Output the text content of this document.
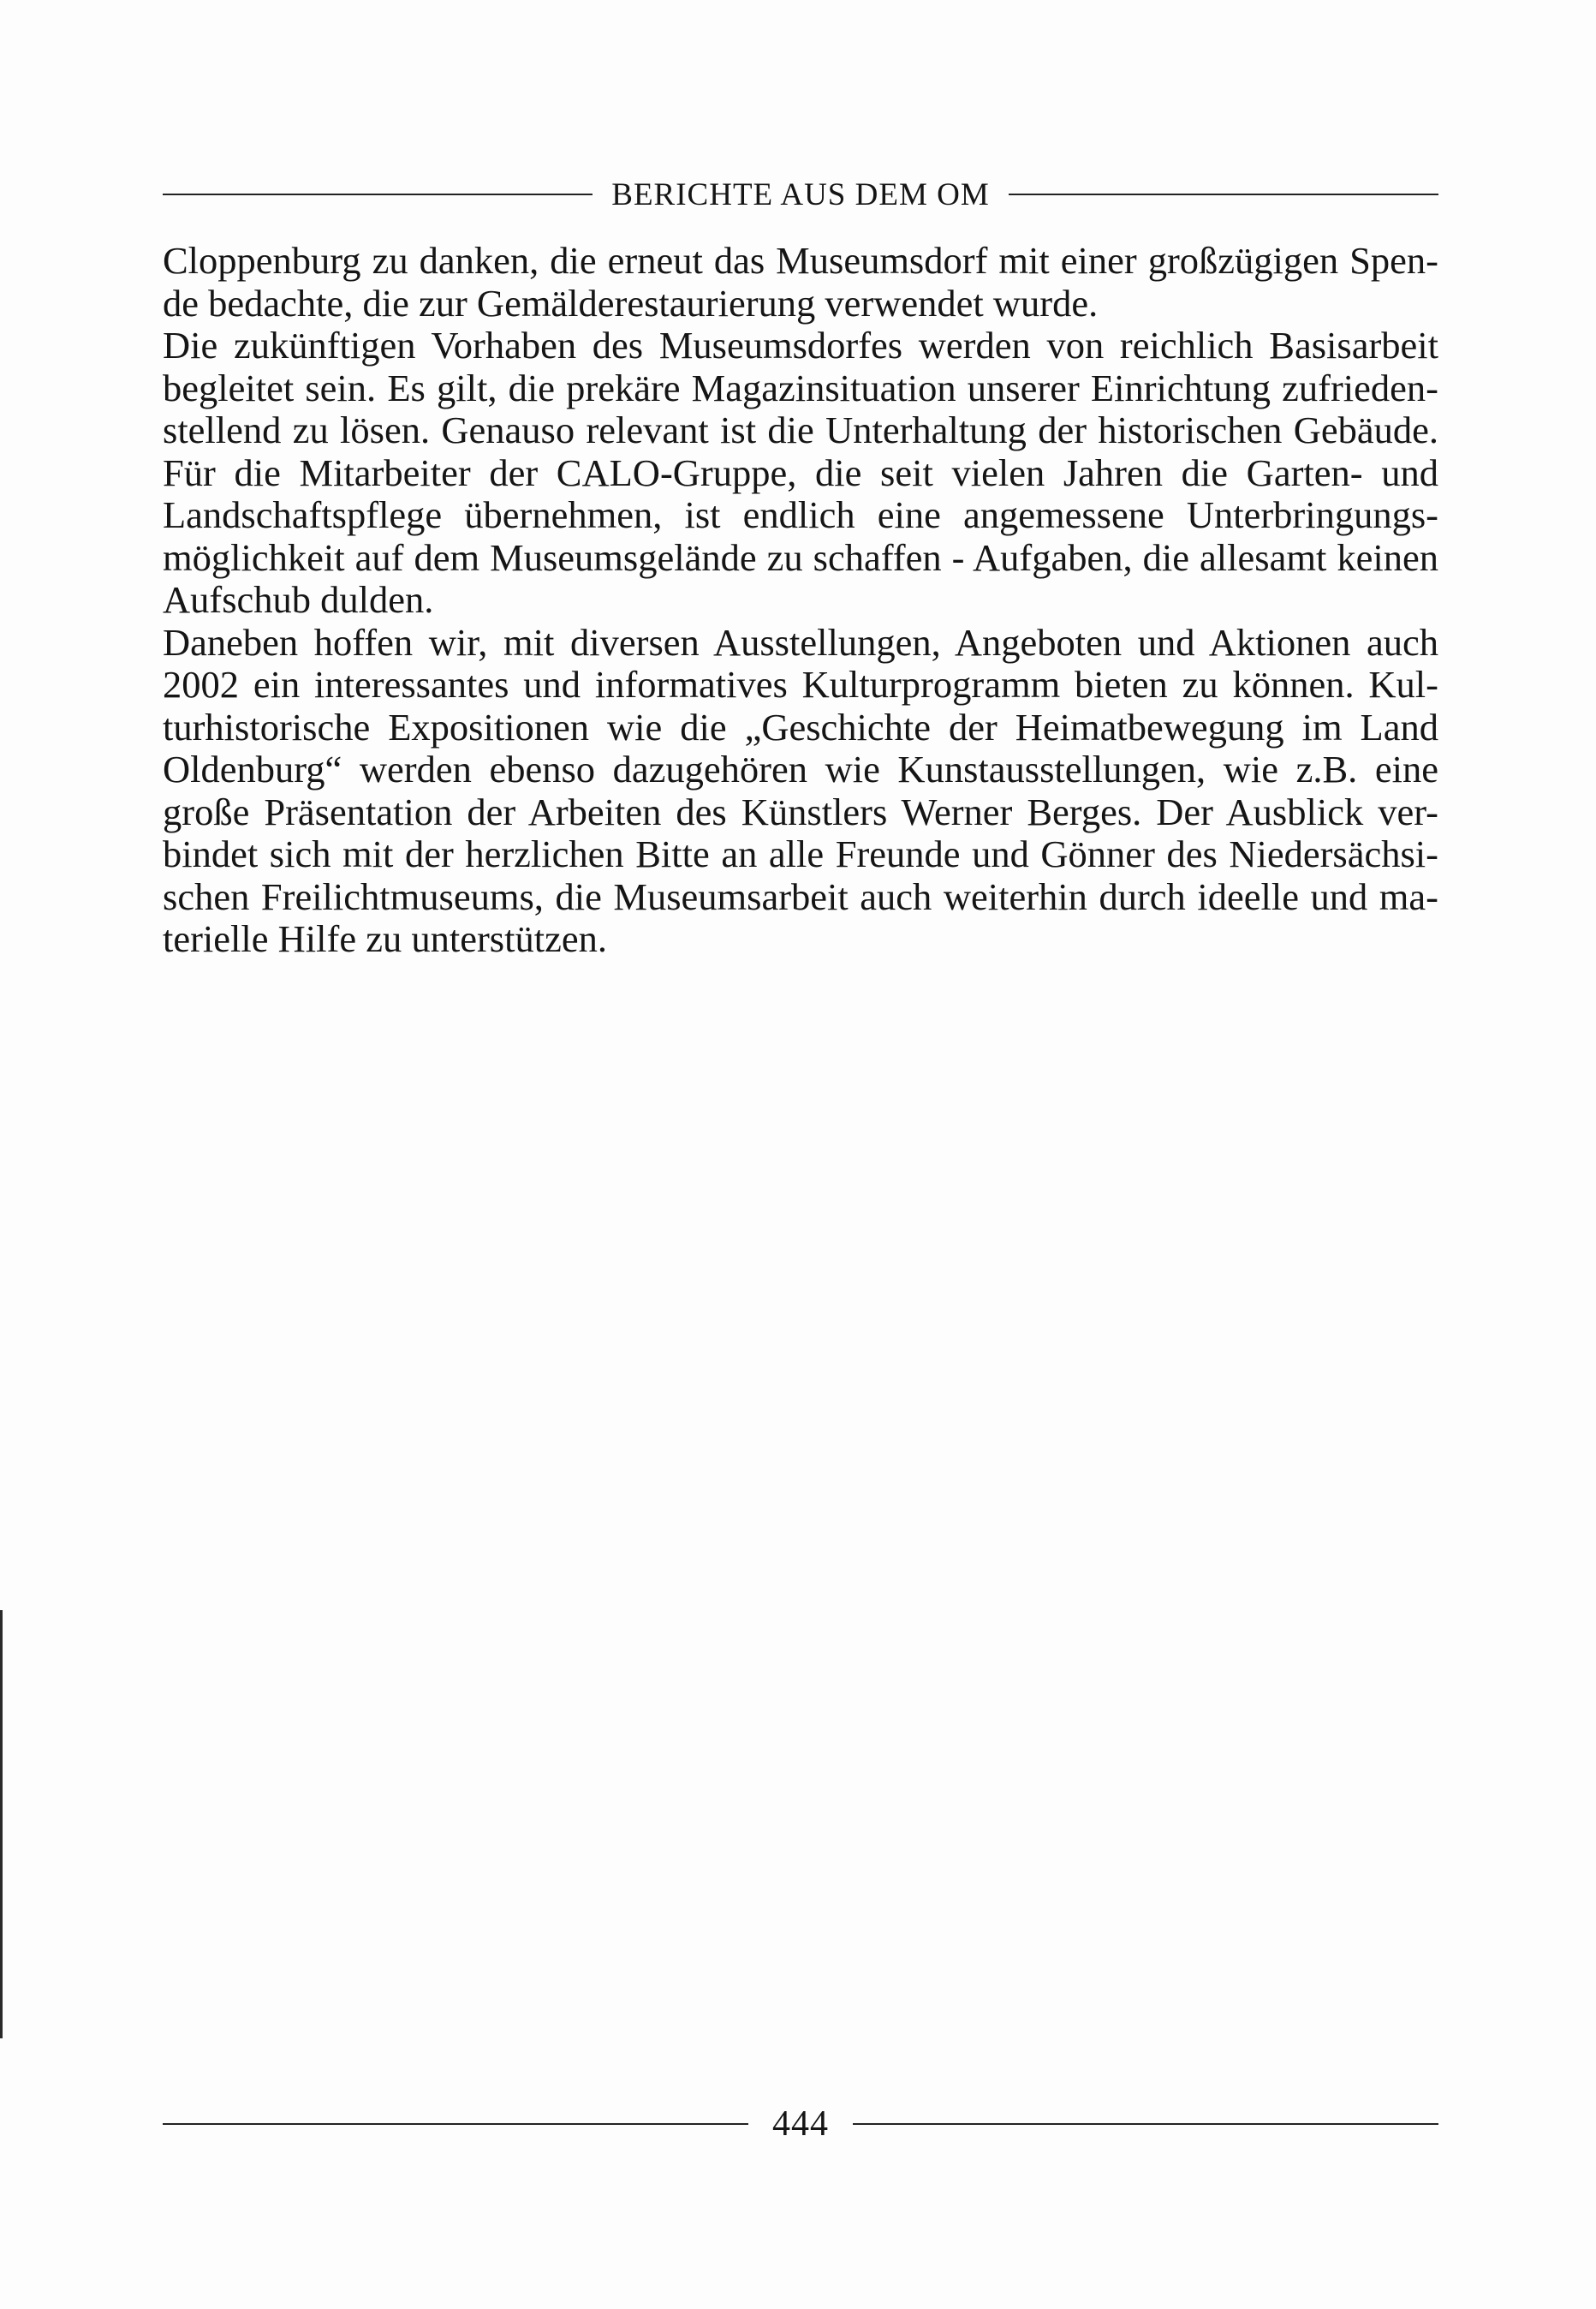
BERICHTE AUS DEM OM
Cloppenburg zu danken, die erneut das Museumsdorf mit einer großzügigen Spen-
de bedachte, die zur Gemälderestaurierung verwendet wurde.
Die zukünftigen Vorhaben des Museumsdorfes werden von reichlich Basisarbeit
begleitet sein. Es gilt, die prekäre Magazinsituation unserer Einrichtung zufrieden-
stellend zu lösen. Genauso relevant ist die Unterhaltung der historischen Gebäude.
Für die Mitarbeiter der CALO-Gruppe, die seit vielen Jahren die Garten- und
Landschaftspflege übernehmen, ist endlich eine angemessene Unterbringungs-
möglichkeit auf dem Museumsgelände zu schaffen - Aufgaben, die allesamt keinen
Aufschub dulden.
Daneben hoffen wir, mit diversen Ausstellungen, Angeboten und Aktionen auch
2002 ein interessantes und informatives Kulturprogramm bieten zu können. Kul-
turhistorische Expositionen wie die „Geschichte der Heimatbewegung im Land
Oldenburg“ werden ebenso dazugehören wie Kunstausstellungen, wie z.B. eine
große Präsentation der Arbeiten des Künstlers Werner Berges. Der Ausblick ver-
bindet sich mit der herzlichen Bitte an alle Freunde und Gönner des Niedersächsi-
schen Freilichtmuseums, die Museumsarbeit auch weiterhin durch ideelle und ma-
terielle Hilfe zu unterstützen.
444
